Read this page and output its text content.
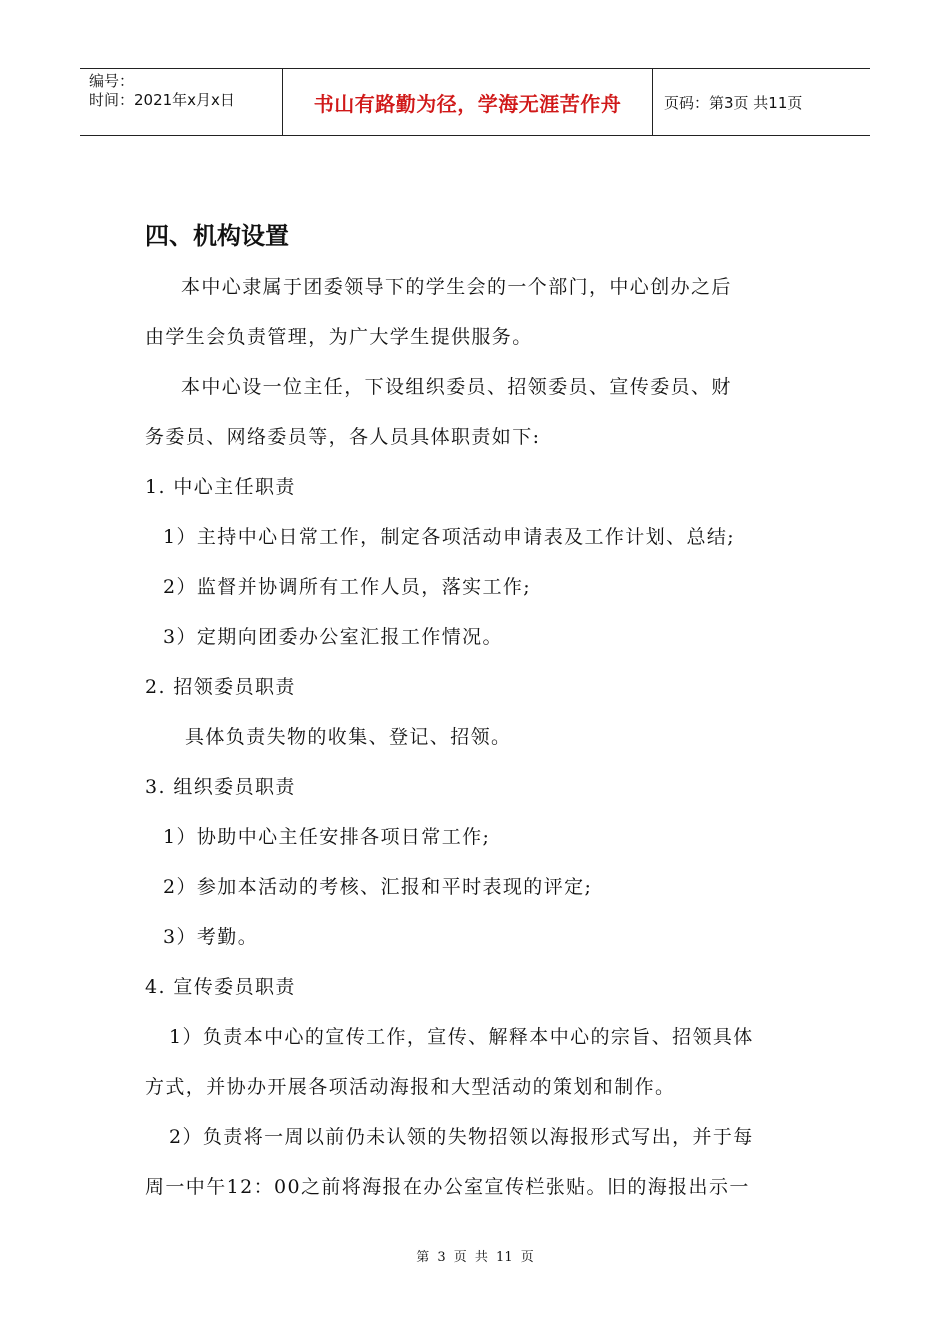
编号：
时间：2021年x月x日	书山有路勤为径，学海无涯苦作舟	页码：第3页 共11页
四、机构设置
本中心隶属于团委领导下的学生会的一个部门，中心创办之后
由学生会负责管理，为广大学生提供服务。
本中心设一位主任，下设组织委员、招领委员、宣传委员、财
务委员、网络委员等，各人员具体职责如下:
1. 中心主任职责
1）主持中心日常工作，制定各项活动申请表及工作计划、总结;
2）监督并协调所有工作人员，落实工作;
3）定期向团委办公室汇报工作情况。
2. 招领委员职责
具体负责失物的收集、登记、招领。
3. 组织委员职责
1）协助中心主任安排各项日常工作;
2）参加本活动的考核、汇报和平时表现的评定;
3）考勤。
4. 宣传委员职责
1）负责本中心的宣传工作，宣传、解释本中心的宗旨、招领具体
方式，并协办开展各项活动海报和大型活动的策划和制作。
2）负责将一周以前仍未认领的失物招领以海报形式写出，并于每
周一中午12：00之前将海报在办公室宣传栏张贴。旧的海报出示一
第 3 页 共 11 页
